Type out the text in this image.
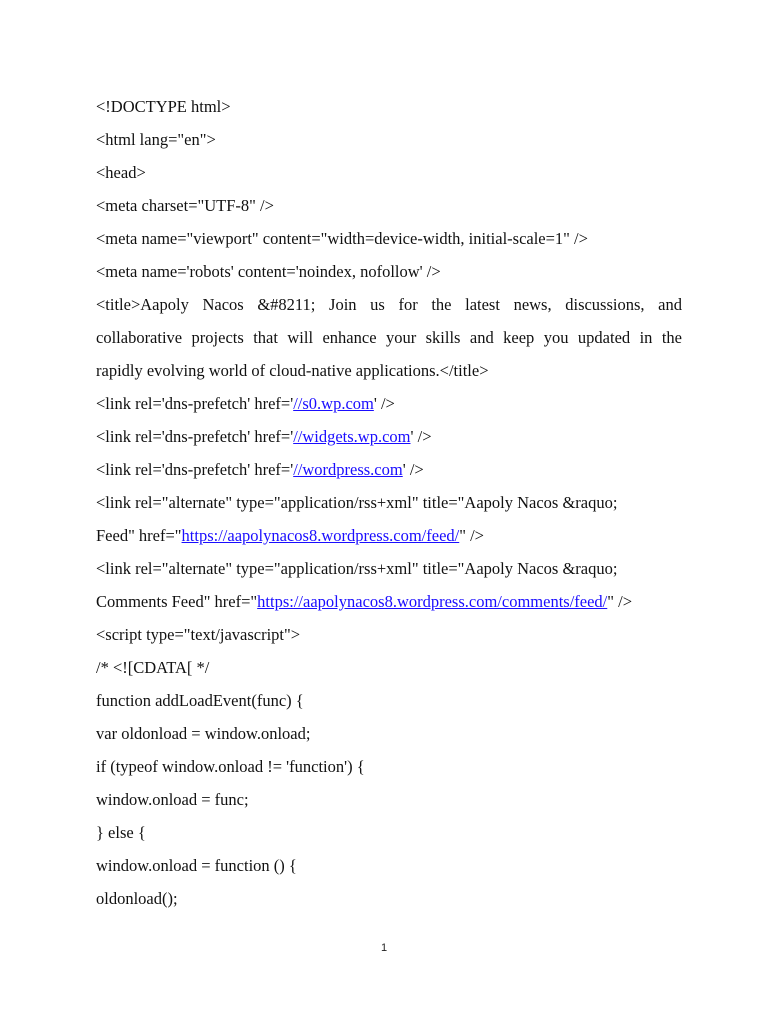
<!DOCTYPE html>
<html lang="en">
<head>
<meta charset="UTF-8" />
<meta name="viewport" content="width=device-width, initial-scale=1" />
<meta name='robots' content='noindex, nofollow' />
<title>Aapoly Nacos &#8211; Join us for the latest news, discussions, and
collaborative projects that will enhance your skills and keep you updated in the
rapidly evolving world of cloud-native applications.</title>
<link rel='dns-prefetch' href='//s0.wp.com' />
<link rel='dns-prefetch' href='//widgets.wp.com' />
<link rel='dns-prefetch' href='//wordpress.com' />
<link rel="alternate" type="application/rss+xml" title="Aapoly Nacos &raquo;
Feed" href="https://aapolynacos8.wordpress.com/feed/" />
<link rel="alternate" type="application/rss+xml" title="Aapoly Nacos &raquo;
Comments Feed" href="https://aapolynacos8.wordpress.com/comments/feed/" />
<script type="text/javascript">
/* <![CDATA[ */
function addLoadEvent(func) {
var oldonload = window.onload;
if (typeof window.onload != 'function') {
window.onload = func;
} else {
window.onload = function () {
oldonload();
1
